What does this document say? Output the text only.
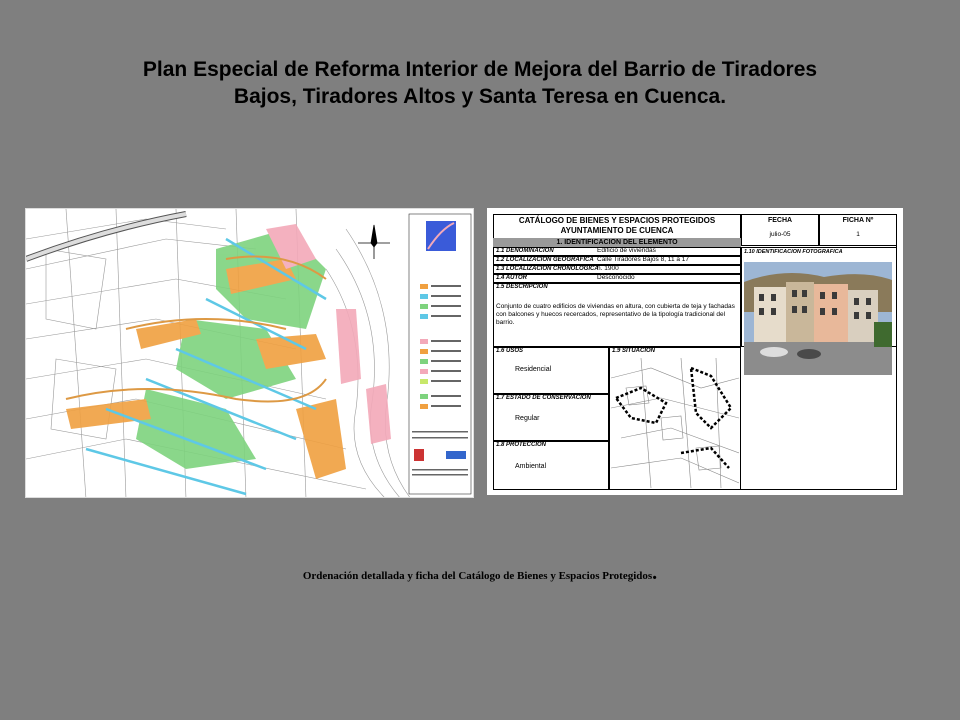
Plan Especial de Reforma Interior de Mejora del Barrio de Tiradores
Bajos, Tiradores Altos y Santa Teresa en Cuenca.
CATÁLOGO DE BIENES Y ESPACIOS PROTEGIDOS
AYUNTAMIENTO DE CUENCA
1. IDENTIFICACION DEL ELEMENTO
FECHA
julio-05
FICHA Nº
1
1.1 DENOMINACION	Edificio de viviendas
1.2 LOCALIZACION GEOGRAFICA Calle Tiradores Bajos 8, 11 a 17
1.3 LOCALIZACION CRONOLOGICA
h. 1900
1.4 AUTOR	Desconocido
1.10 IDENTIFICACION FOTOGRAFICA
1.5 DESCRIPCION
Conjunto de cuatro edificios de viviendas en altura, con cubierta de teja y fachadas con balcones y huecos recercados, representativo de la tipología tradicional del barrio.
1.6 USOS
Residencial
1.7 ESTADO DE CONSERVACION
Regular
1.8 PROTECCION
Ambiental
1.9 SITUACION
Ordenación detallada y ficha del Catálogo de Bienes y Espacios Protegidos.
